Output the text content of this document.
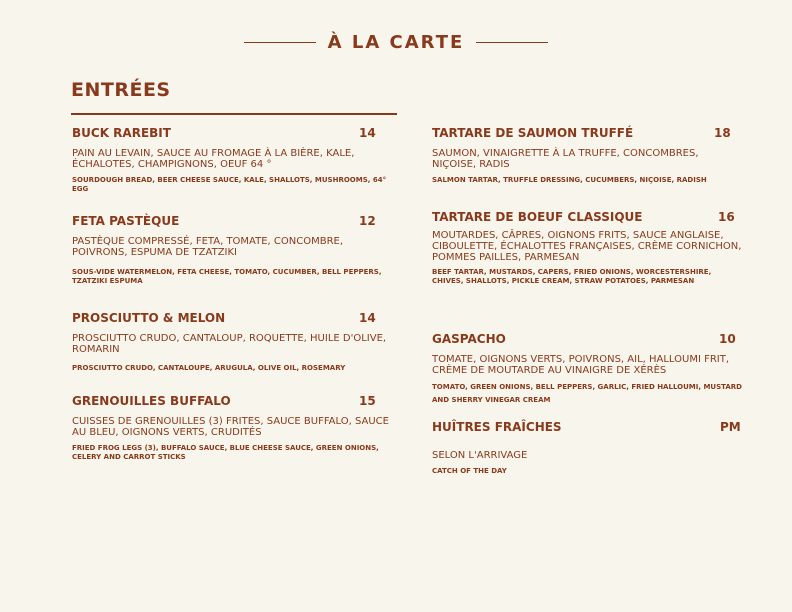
À LA CARTE
ENTRÉES
BUCK RAREBIT	14
PAIN AU LEVAIN, SAUCE AU FROMAGE À LA BIÈRE, KALE, ÉCHALOTES, CHAMPIGNONS, OEUF 64 °
SOURDOUGH BREAD, BEER CHEESE SAUCE, KALE, SHALLOTS, MUSHROOMS, 64° EGG
FETA PASTÈQUE	12
PASTÈQUE COMPRESSÉ, FETA, TOMATE, CONCOMBRE, POIVRONS, ESPUMA DE TZATZIKI
SOUS-VIDE WATERMELON, FETA CHEESE, TOMATO, CUCUMBER, BELL PEPPERS, TZATZIKI ESPUMA
PROSCIUTTO & MELON	14
PROSCIUTTO CRUDO, CANTALOUP, ROQUETTE, HUILE D'OLIVE, ROMARIN
PROSCIUTTO CRUDO, CANTALOUPE, ARUGULA, OLIVE OIL, ROSEMARY
GRENOUILLES BUFFALO	15
CUISSES DE GRENOUILLES (3) FRITES, SAUCE BUFFALO, SAUCE AU BLEU, OIGNONS VERTS, CRUDITÉS
FRIED FROG LEGS (3), BUFFALO SAUCE, BLUE CHEESE SAUCE, GREEN ONIONS, CELERY AND CARROT STICKS
TARTARE DE SAUMON TRUFFÉ	18
SAUMON, VINAIGRETTE À LA TRUFFE, CONCOMBRES, NIÇOISE, RADIS
SALMON TARTAR, TRUFFLE DRESSING, CUCUMBERS, NIÇOISE, RADISH
TARTARE DE BOEUF CLASSIQUE	16
MOUTARDES, CÂPRES, OIGNONS FRITS, SAUCE ANGLAISE, CIBOULETTE, ÉCHALOTTES FRANÇAISES, CRÈME CORNICHON, POMMES PAILLES, PARMESAN
BEEF TARTAR, MUSTARDS, CAPERS, FRIED ONIONS, WORCESTERSHIRE, CHIVES, SHALLOTS, PICKLE CREAM, STRAW POTATOES, PARMESAN
GASPACHO	10
TOMATE, OIGNONS VERTS, POIVRONS, AIL, HALLOUMI FRIT, CRÈME DE MOUTARDE AU VINAIGRE DE XÉRÈS
TOMATO, GREEN ONIONS, BELL PEPPERS, GARLIC, FRIED HALLOUMI, MUSTARD AND SHERRY VINEGAR CREAM
HUÎTRES FRAÎCHES	PM
SELON L'ARRIVAGE
CATCH OF THE DAY
